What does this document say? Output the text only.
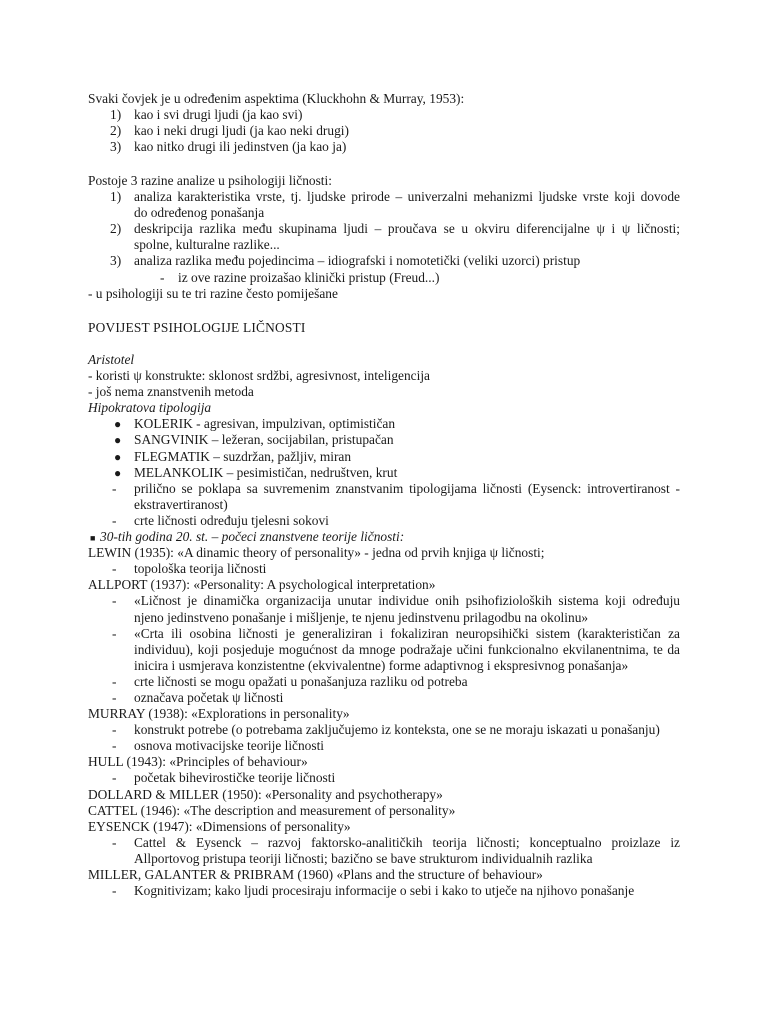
Svaki čovjek je u određenim aspektima (Kluckhohn & Murray, 1953):
1) kao i svi drugi ljudi (ja kao svi)
2) kao i neki drugi ljudi (ja kao neki drugi)
3) kao nitko drugi ili jedinstven (ja kao ja)
Postoje 3 razine analize u psihologiji ličnosti:
1) analiza karakteristika vrste, tj. ljudske prirode – univerzalni mehanizmi ljudske vrste koji dovode
do određenog ponašanja
2) deskripcija razlika među skupinama ljudi – proučava se u okviru diferencijalne ψ i ψ ličnosti;
spolne, kulturalne razlike...
3) analiza razlika među pojedincima – idiografski i nomotetički (veliki uzorci) pristup
- iz ove razine proizašao klinički pristup (Freud...)
- u psihologiji su te tri razine često pomiješane
POVIJEST PSIHOLOGIJE LIČNOSTI
Aristotel
- koristi ψ konstrukte: sklonost srdžbi, agresivnost, inteligencija
- još nema znanstvenih metoda
Hipokratova tipologija
● KOLERIK - agresivan, impulzivan, optimističan
● SANGVINIK – ležeran, socijabilan, pristupačan
● FLEGMATIK – suzdržan, pažljiv, miran
● MELANKOLIK – pesimističan, nedruštven, krut
-	prilično se poklapa sa suvremenim znanstvanim tipologijama ličnosti (Eysenck: introvertiranost -
ekstravertiranost)
- crte ličnosti određuju tjelesni sokovi
■ 30-tih godina 20. st. – počeci znanstvene teorije ličnosti:
LEWIN (1935): «A dinamic theory of personality» - jedna od prvih knjiga ψ ličnosti;
- topološka teorija ličnosti
ALLPORT (1937): «Personality: A psychological interpretation»
-	«Ličnost je dinamička organizacija unutar individue onih psihofizioloških sistema koji određuju
njeno jedinstveno ponašanje i mišljenje, te njenu jedinstvenu prilagodbu na okolinu»
-	«Crta ili osobina ličnosti je generaliziran i fokaliziran neuropsihički sistem (karakterističan za
individuu), koji posjeduje mogućnost da mnoge podražaje učini funkcionalno ekvilanentnima, te da
inicira i usmjerava konzistentne (ekvivalentne) forme adaptivnog i ekspresivnog ponašanja»
- crte ličnosti se mogu opažati u ponašanjuza razliku od potreba
- označava početak ψ ličnosti
MURRAY (1938): «Explorations in personality»
- konstrukt potrebe (o potrebama zaključujemo iz konteksta, one se ne moraju iskazati u ponašanju)
- osnova motivacijske teorije ličnosti
HULL (1943): «Principles of behaviour»
- početak bihevirostičke teorije ličnosti
DOLLARD & MILLER (1950): «Personality and psychotherapy»
CATTEL (1946): «The description and measurement of personality»
EYSENCK (1947): «Dimensions of personality»
-	Cattel & Eysenck – razvoj faktorsko-analitičkih teorija ličnosti; konceptualno proizlaze iz
Allportovog pristupa teoriji ličnosti; bazično se bave strukturom individualnih razlika
MILLER, GALANTER & PRIBRAM (1960) «Plans and the structure of behaviour»
- Kognitivizam; kako ljudi procesiraju informacije o sebi i kako to utječe na njihovo ponašanje
